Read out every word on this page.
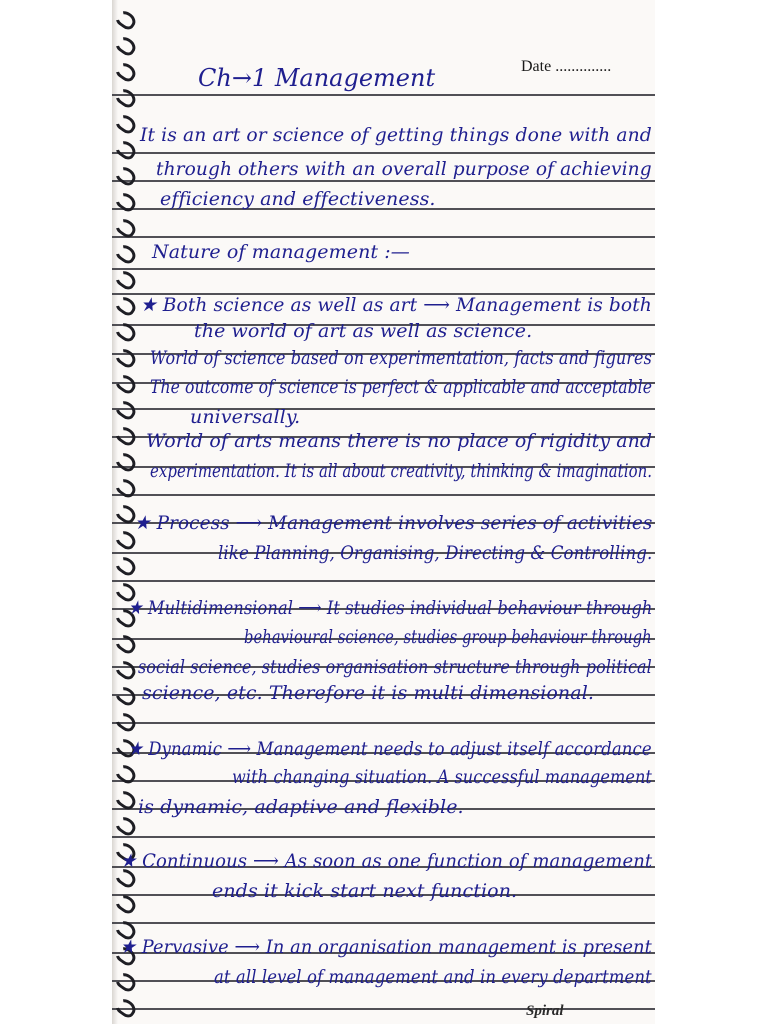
Date ..............
Ch→1 Management
It is an art or science of getting things done with and
through others with an overall purpose of achieving
efficiency and effectiveness.
Nature of management :—
★ Both science as well as art ⟶ Management is both
the world of art as well as science.
World of science based on experimentation, facts and figures
The outcome of science is perfect & applicable and acceptable
universally.
World of arts means there is no place of rigidity and
experimentation. It is all about creativity, thinking & imagination.
★ Process ⟶ Management involves series of activities
like Planning, Organising, Directing & Controlling.
★ Multidimensional ⟶ It studies individual behaviour through
behavioural science, studies group behaviour through
social science, studies organisation structure through political
science, etc. Therefore it is multi dimensional.
★ Dynamic ⟶ Management needs to adjust itself accordance
with changing situation. A successful management
is dynamic, adaptive and flexible.
★ Continuous ⟶ As soon as one function of management
ends it kick start next function.
★ Pervasive ⟶ In an organisation management is present
at all level of management and in every department
Spiral
